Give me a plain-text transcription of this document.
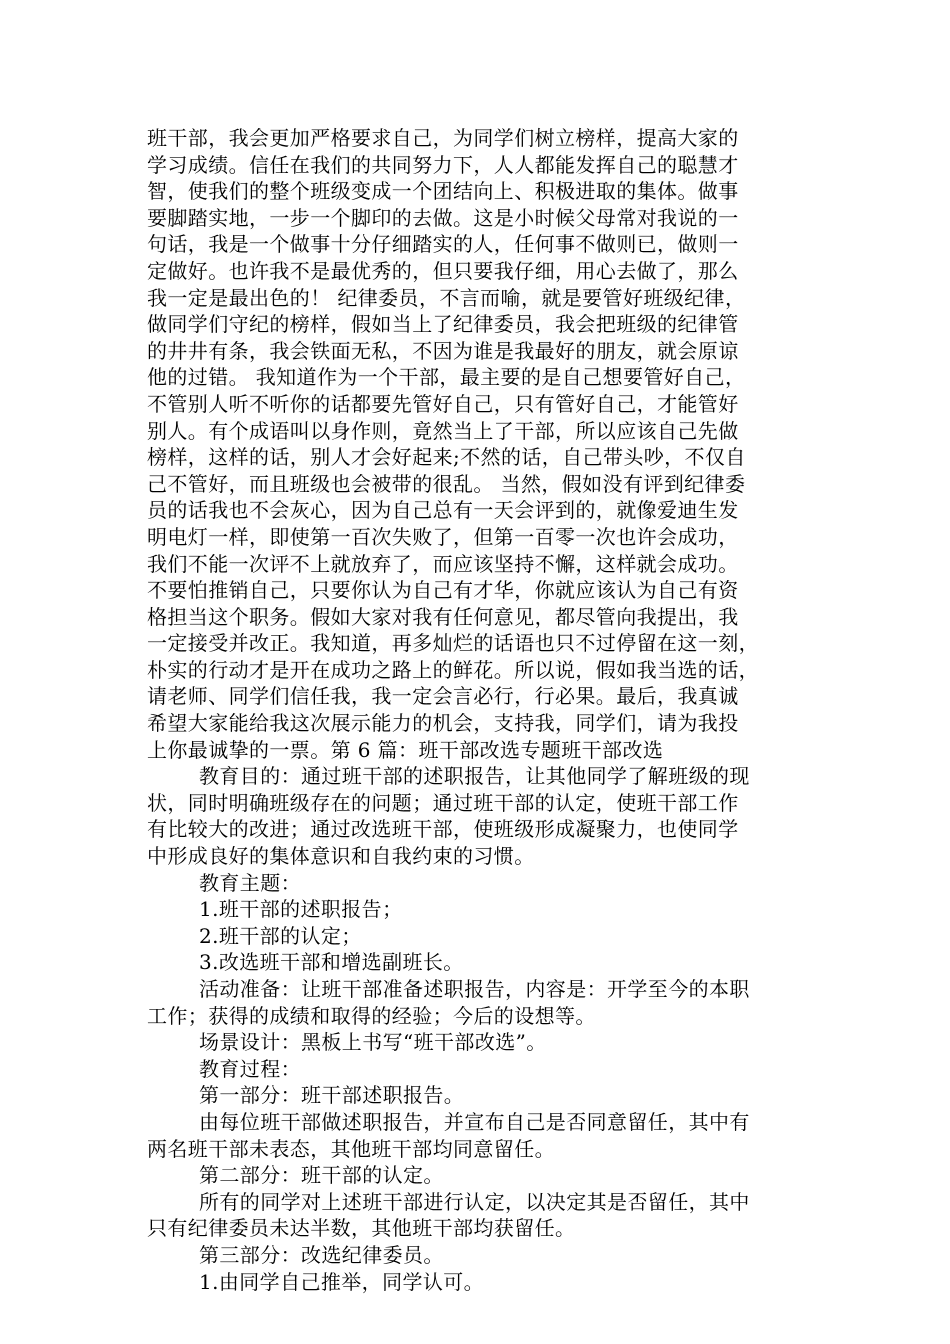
班干部，我会更加严格要求自己，为同学们树立榜样，提高大家的

学习成绩。信任在我们的共同努力下，人人都能发挥自己的聪慧才

智，使我们的整个班级变成一个团结向上、积极进取的集体。做事

要脚踏实地，一步一个脚印的去做。这是小时候父母常对我说的一

句话，我是一个做事十分仔细踏实的人，任何事不做则已，做则一

定做好。也许我不是最优秀的，但只要我仔细，用心去做了，那么

我一定是最出色的！ 纪律委员，不言而喻，就是要管好班级纪律，

做同学们守纪的榜样，假如当上了纪律委员，我会把班级的纪律管

的井井有条，我会铁面无私，不因为谁是我最好的朋友，就会原谅

他的过错。 我知道作为一个干部，最主要的是自己想要管好自己，

不管别人听不听你的话都要先管好自己，只有管好自己，才能管好

别人。有个成语叫以身作则，竟然当上了干部，所以应该自己先做

榜样，这样的话，别人才会好起来;不然的话，自己带头吵，不仅自

己不管好，而且班级也会被带的很乱。 当然，假如没有评到纪律委

员的话我也不会灰心，因为自己总有一天会评到的，就像爱迪生发

明电灯一样，即使第一百次失败了，但第一百零一次也许会成功，

我们不能一次评不上就放弃了，而应该坚持不懈，这样就会成功。

不要怕推销自己，只要你认为自己有才华，你就应该认为自己有资

格担当这个职务。假如大家对我有任何意见，都尽管向我提出，我

一定接受并改正。我知道，再多灿烂的话语也只不过停留在这一刻，

朴实的行动才是开在成功之路上的鲜花。所以说，假如我当选的话，

请老师、同学们信任我，我一定会言必行，行必果。最后，我真诚

希望大家能给我这次展示能力的机会，支持我，同学们，请为我投

上你最诚挚的一票。第 6 篇：班干部改选专题班干部改选

教育目的：通过班干部的述职报告，让其他同学了解班级的现

状，同时明确班级存在的问题；通过班干部的认定，使班干部工作

有比较大的改进；通过改选班干部，使班级形成凝聚力，也使同学

中形成良好的集体意识和自我约束的习惯。

教育主题：

1.班干部的述职报告；

2.班干部的认定；

3.改选班干部和增选副班长。

活动准备：让班干部准备述职报告，内容是：开学至今的本职

工作；获得的成绩和取得的经验；今后的设想等。

场景设计：黑板上书写“班干部改选”。

教育过程：

第一部分：班干部述职报告。

由每位班干部做述职报告，并宣布自己是否同意留任，其中有

两名班干部未表态，其他班干部均同意留任。

第二部分：班干部的认定。

所有的同学对上述班干部进行认定，以决定其是否留任，其中

只有纪律委员未达半数，其他班干部均获留任。

第三部分：改选纪律委员。

1.由同学自己推举，同学认可。
